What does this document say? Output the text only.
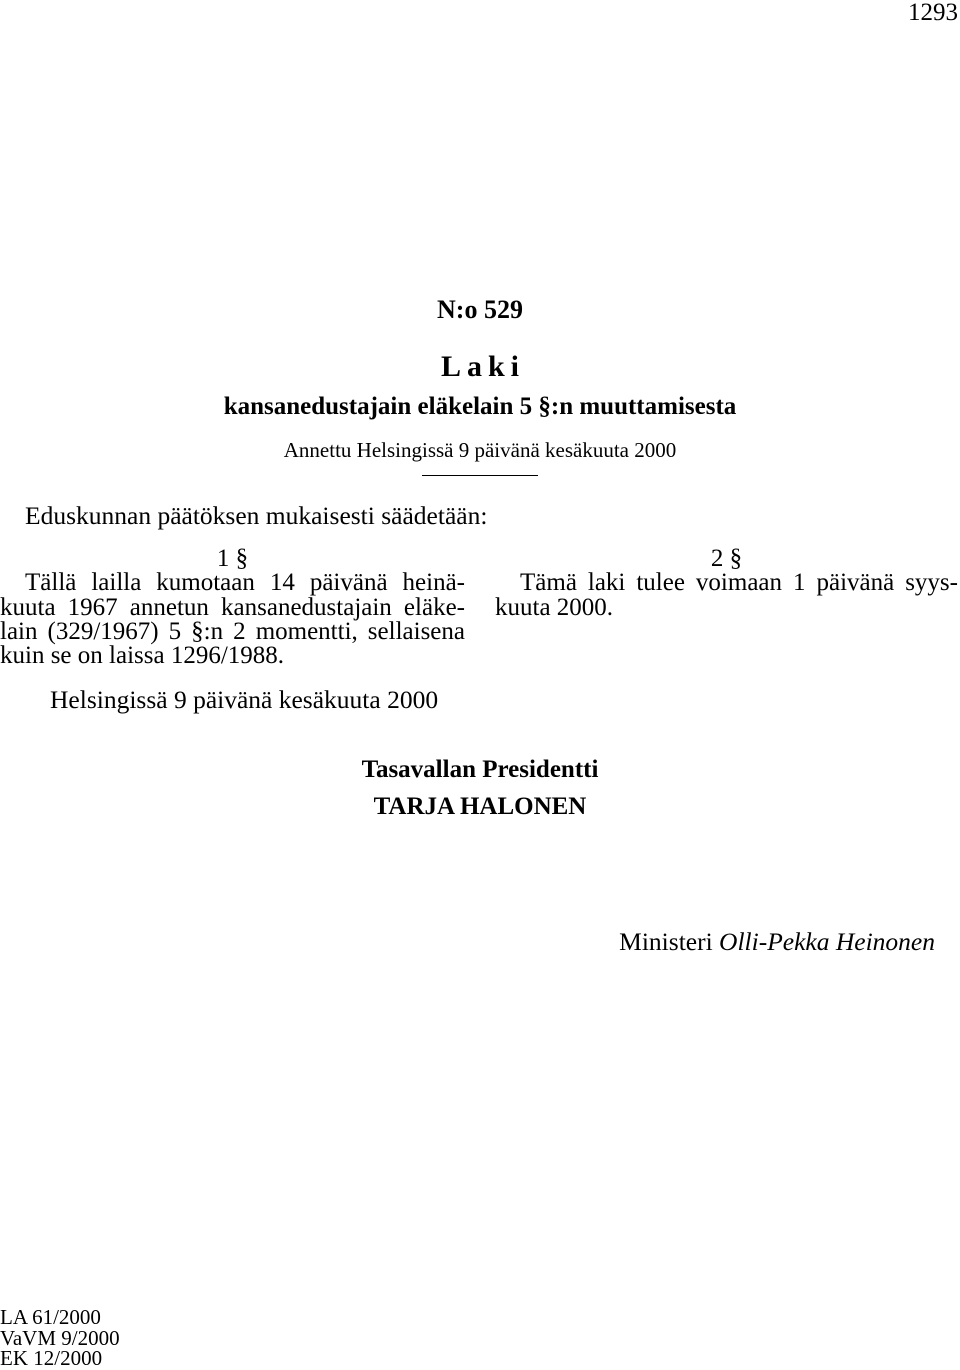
1293
N:o 529
Laki
kansanedustajain eläkelain 5 §:n muuttamisesta
Annettu Helsingissä 9 päivänä kesäkuuta 2000
Eduskunnan päätöksen mukaisesti säädetään:
1 §
Tällä lailla kumotaan 14 päivänä heinä-
kuuta 1967 annetun kansanedustajain eläke-
lain (329/1967) 5 §:n 2 momentti, sellaisena
kuin se on laissa 1296/1988.
2 §
Tämä laki tulee voimaan 1 päivänä syys-
kuuta 2000.
Helsingissä 9 päivänä kesäkuuta 2000
Tasavallan Presidentti
TARJA HALONEN
Ministeri Olli-Pekka Heinonen
LA 61/2000
VaVM 9/2000
EK 12/2000
